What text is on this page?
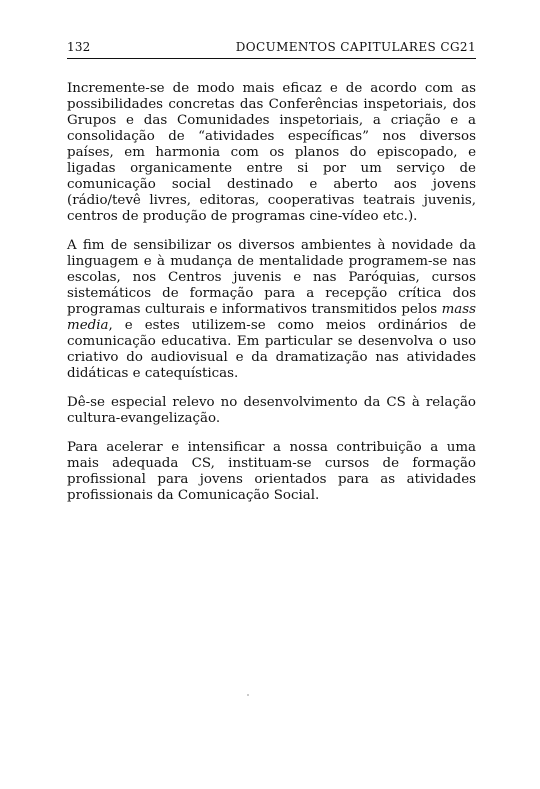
132	DOCUMENTOS CAPITULARES CG21

Incremente-se de modo mais eficaz e de acordo com as possibilidades concretas das Conferências inspetoriais, dos Grupos e das Comunidades inspetoriais, a criação e a consolidação de “atividades específicas” nos diversos países, em harmonia com os planos do episcopado, e ligadas organicamente entre si por um serviço de comunicação social destinado e aberto aos jovens (rádio/tevê livres, editoras, cooperativas teatrais juvenis, centros de produção de programas cine-vídeo etc.).

A fim de sensibilizar os diversos ambientes à novidade da linguagem e à mudança de mentalidade programem-se nas escolas, nos Centros juvenis e nas Paróquias, cursos sistemáticos de formação para a recepção crítica dos programas culturais e informativos transmitidos pelos mass media, e estes utilizem-se como meios ordinários de comunicação educativa. Em particular se desenvolva o uso criativo do audiovisual e da dramatização nas atividades didáticas e catequísticas.

Dê-se especial relevo no desenvolvimento da CS à relação cultura-evangelização.

Para acelerar e intensificar a nossa contribuição a uma mais adequada CS, instituam-se cursos de formação profissional para jovens orientados para as atividades profissionais da Comunicação Social.
